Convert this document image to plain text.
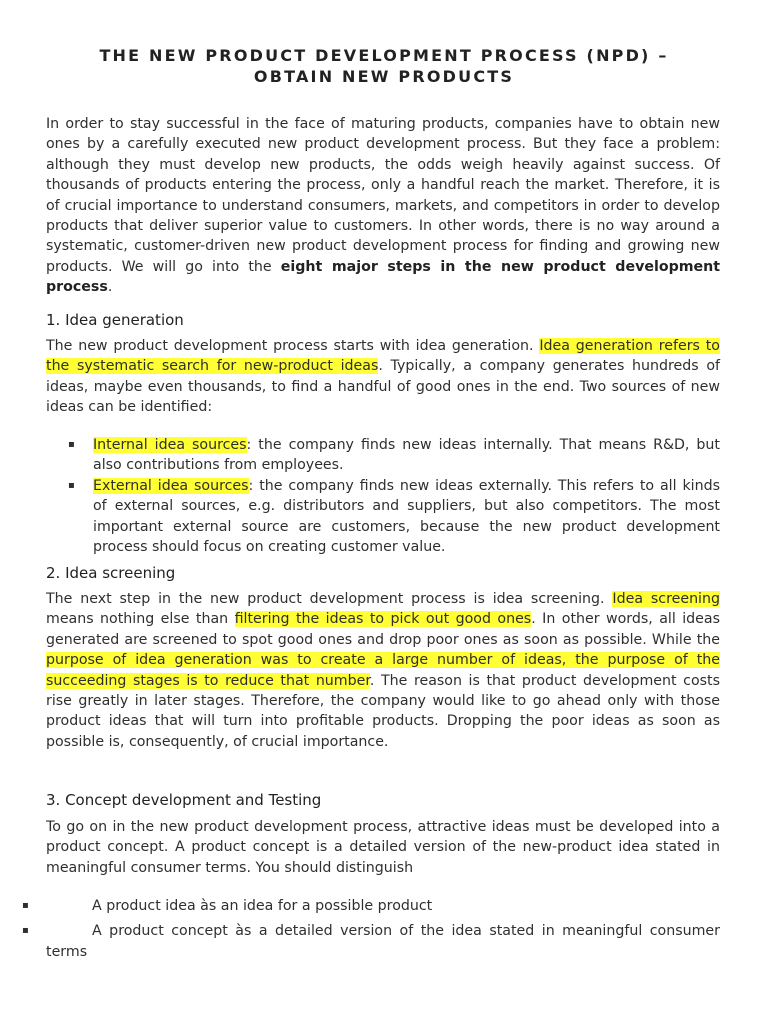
THE NEW PRODUCT DEVELOPMENT PROCESS (NPD) –
OBTAIN NEW PRODUCTS

In order to stay successful in the face of maturing products, companies have to obtain new ones by a carefully executed new product development process. But they face a problem: although they must develop new products, the odds weigh heavily against success. Of thousands of products entering the process, only a handful reach the market. Therefore, it is of crucial importance to understand consumers, markets, and competitors in order to develop products that deliver superior value to customers. In other words, there is no way around a systematic, customer-driven new product development process for finding and growing new products. We will go into the eight major steps in the new product development process.

1. Idea generation

The new product development process starts with idea generation. Idea generation refers to the systematic search for new-product ideas. Typically, a company generates hundreds of ideas, maybe even thousands, to find a handful of good ones in the end. Two sources of new ideas can be identified:

▪ Internal idea sources: the company finds new ideas internally. That means R&D, but also contributions from employees.
▪ External idea sources: the company finds new ideas externally. This refers to all kinds of external sources, e.g. distributors and suppliers, but also competitors. The most important external source are customers, because the new product development process should focus on creating customer value.
2. Idea screening

The next step in the new product development process is idea screening. Idea screening means nothing else than filtering the ideas to pick out good ones. In other words, all ideas generated are screened to spot good ones and drop poor ones as soon as possible. While the purpose of idea generation was to create a large number of ideas, the purpose of the succeeding stages is to reduce that number. The reason is that product development costs rise greatly in later stages. Therefore, the company would like to go ahead only with those product ideas that will turn into profitable products. Dropping the poor ideas as soon as possible is, consequently, of crucial importance.

3. Concept development and Testing

To go on in the new product development process, attractive ideas must be developed into a product concept. A product concept is a detailed version of the new-product idea stated in meaningful consumer terms. You should distinguish

▪	A product idea às an idea for a possible product
▪	A product concept às a detailed version of the idea stated in meaningful consumer terms
